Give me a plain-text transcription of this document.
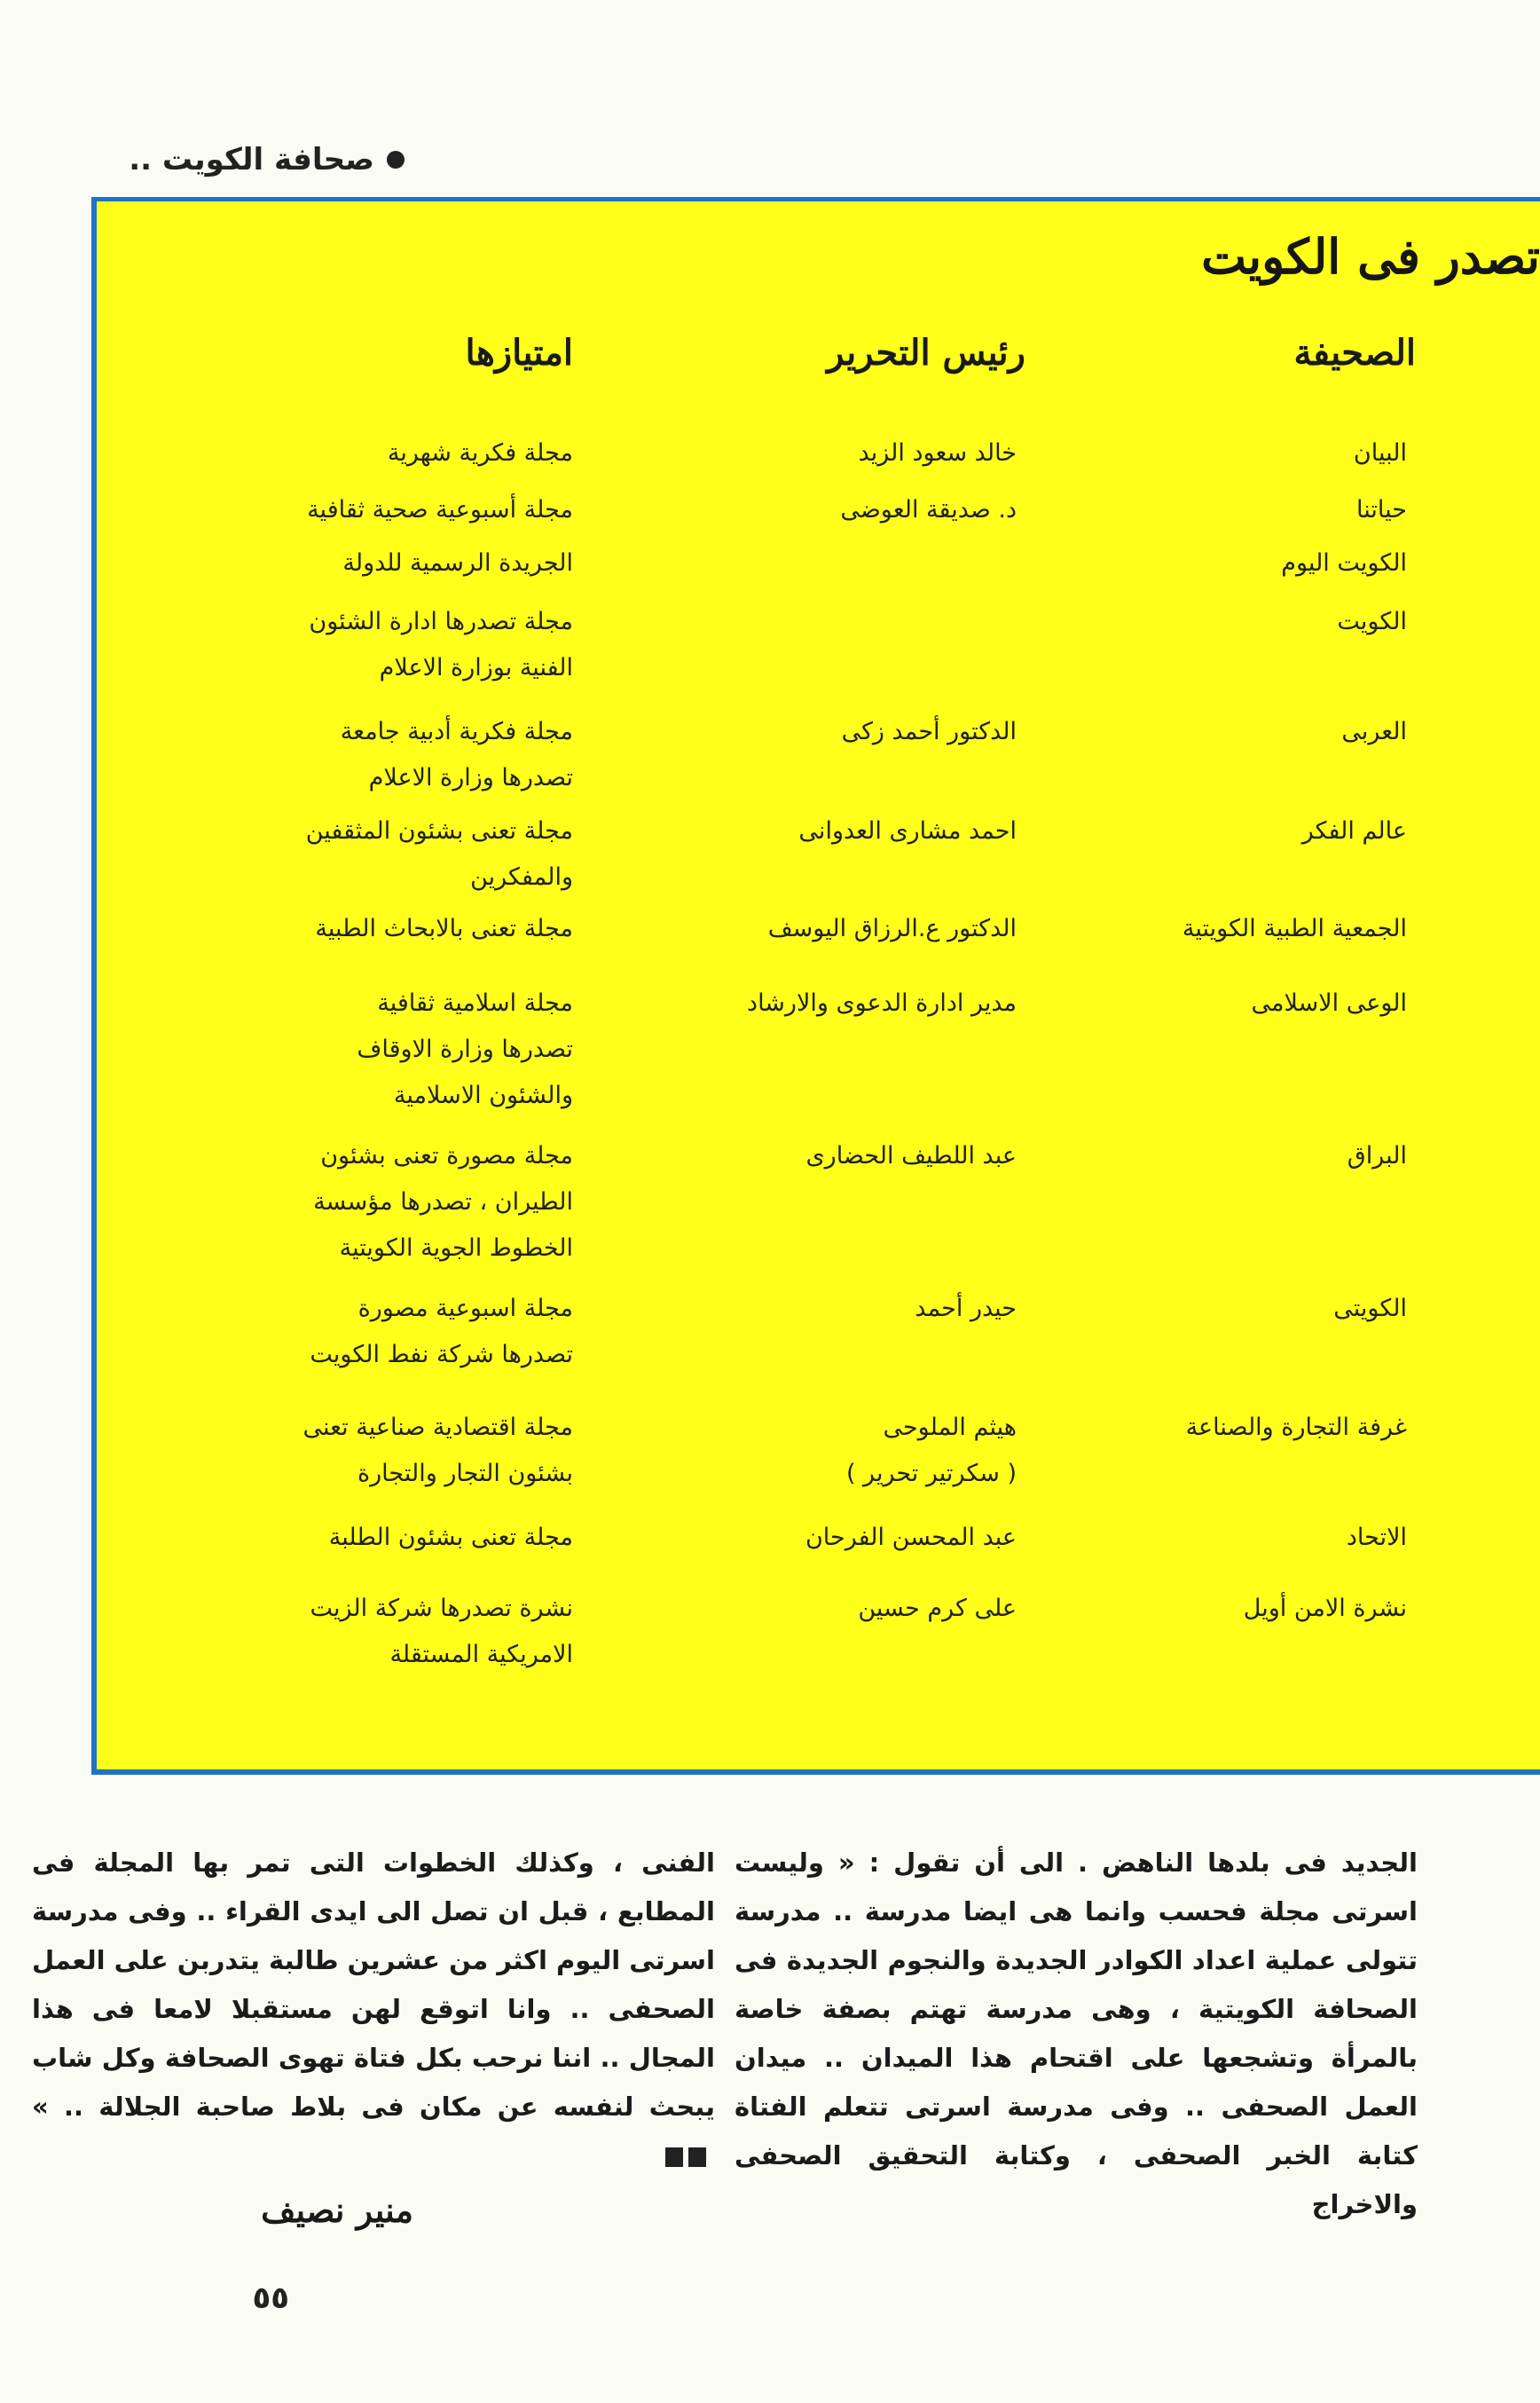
صحافة الكويت ..
تصدر فى الكويت
الصحيفة
رئيس التحرير
امتيازها
البيان
خالد سعود الزيد
مجلة فكرية شهرية
حياتنا
د. صديقة العوضى
مجلة أسبوعية صحية ثقافية
الكويت اليوم
الجريدة الرسمية للدولة
الكويت
مجلة تصدرها ادارة الشئون
الفنية بوزارة الاعلام
العربى
الدكتور أحمد زكى
مجلة فكرية أدبية جامعة
تصدرها وزارة الاعلام
عالم الفكر
احمد مشارى العدوانى
مجلة تعنى بشئون المثقفين
والمفكرين
الجمعية الطبية الكويتية
الدكتور ع.الرزاق اليوسف
مجلة تعنى بالابحاث الطبية
الوعى الاسلامى
مدير ادارة الدعوى والارشاد
مجلة اسلامية ثقافية
تصدرها وزارة الاوقاف
والشئون الاسلامية
البراق
عبد اللطيف الحضارى
مجلة مصورة تعنى بشئون
الطيران ، تصدرها مؤسسة
الخطوط الجوية الكويتية
الكويتى
حيدر أحمد
مجلة اسبوعية مصورة
تصدرها شركة نفط الكويت
غرفة التجارة والصناعة
هيثم الملوحى
( سكرتير تحرير )
مجلة اقتصادية صناعية تعنى
بشئون التجار والتجارة
الاتحاد
عبد المحسن الفرحان
مجلة تعنى بشئون الطلبة
نشرة الامن أويل
على كرم حسين
نشرة تصدرها شركة الزيت
الامريكية المستقلة

الجديد فى بلدها الناهض . الى أن تقول : « وليست اسرتى مجلة فحسب وانما هى ايضا مدرسة .. مدرسة تتولى عملية اعداد الكوادر الجديدة والنجوم الجديدة فى الصحافة الكويتية ، وهى مدرسة تهتم بصفة خاصة بالمرأة وتشجعها على اقتحام هذا الميدان .. ميدان العمل الصحفى .. وفى مدرسة اسرتى تتعلم الفتاة كتابة الخبر الصحفى ، وكتابة التحقيق الصحفى والاخراج

الفنى ، وكذلك الخطوات التى تمر بها المجلة فى المطابع ، قبل ان تصل الى ايدى القراء .. وفى مدرسة اسرتى اليوم اكثر من عشرين طالبة يتدربن على العمل الصحفى .. وانا اتوقع لهن مستقبلا لامعا فى هذا المجال .. اننا نرحب بكل فتاة تهوى الصحافة وكل شاب يبحث لنفسه عن مكان فى بلاط صاحبة الجلالة .. »

منير نصيف
٥٥
